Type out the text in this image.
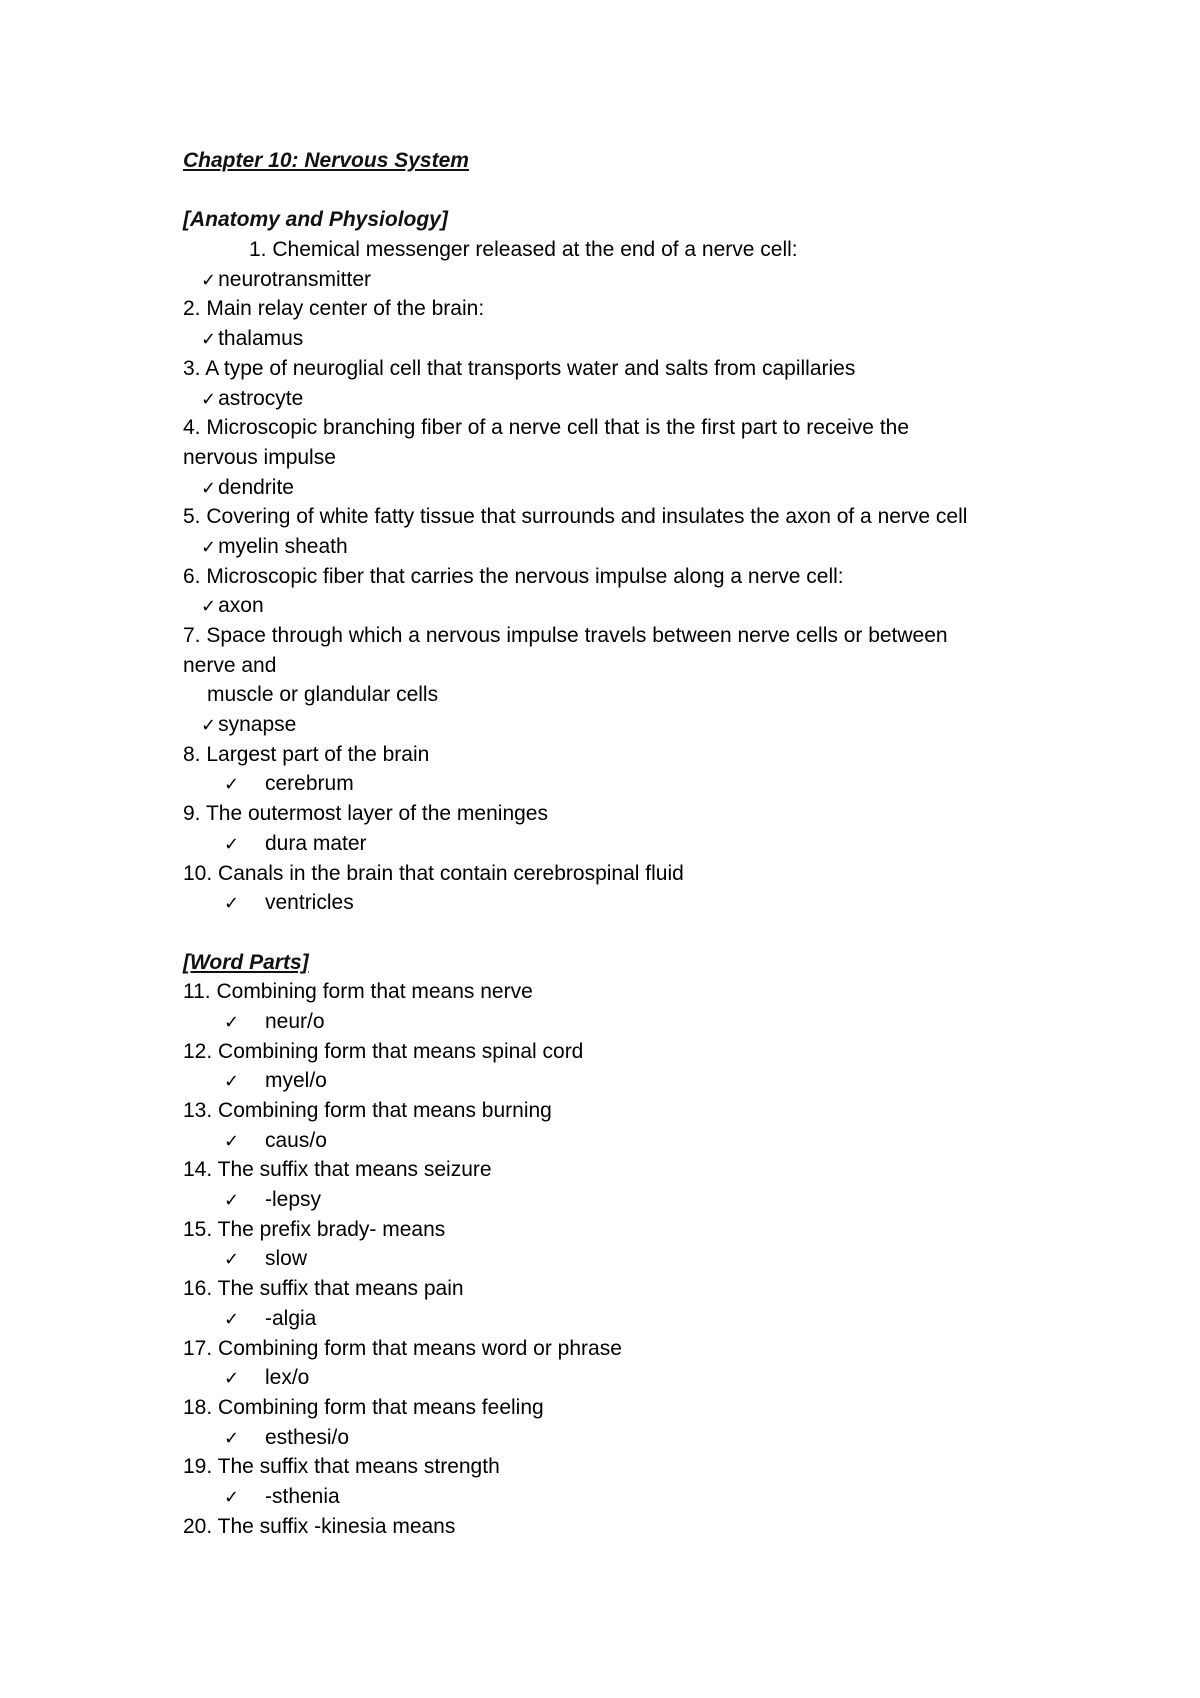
Chapter 10: Nervous System
[Anatomy and Physiology]
1. Chemical messenger released at the end of a nerve cell:
✓neurotransmitter
2. Main relay center of the brain:
✓thalamus
3. A type of neuroglial cell that transports water and salts from capillaries
✓astrocyte
4. Microscopic branching fiber of a nerve cell that is the first part to receive the
nervous impulse
✓dendrite
5. Covering of white fatty tissue that surrounds and insulates the axon of a nerve cell
✓myelin sheath
6. Microscopic fiber that carries the nervous impulse along a nerve cell:
✓axon
7. Space through which a nervous impulse travels between nerve cells or between
nerve and
muscle or glandular cells
✓synapse
8. Largest part of the brain
✓ cerebrum
9. The outermost layer of the meninges
✓ dura mater
10. Canals in the brain that contain cerebrospinal fluid
✓ ventricles
[Word Parts]
11. Combining form that means nerve
✓ neur/o
12. Combining form that means spinal cord
✓ myel/o
13. Combining form that means burning
✓ caus/o
14. The suffix that means seizure
✓ -lepsy
15. The prefix brady- means
✓ slow
16. The suffix that means pain
✓ -algia
17. Combining form that means word or phrase
✓ lex/o
18. Combining form that means feeling
✓ esthesi/o
19. The suffix that means strength
✓ -sthenia
20. The suffix -kinesia means
